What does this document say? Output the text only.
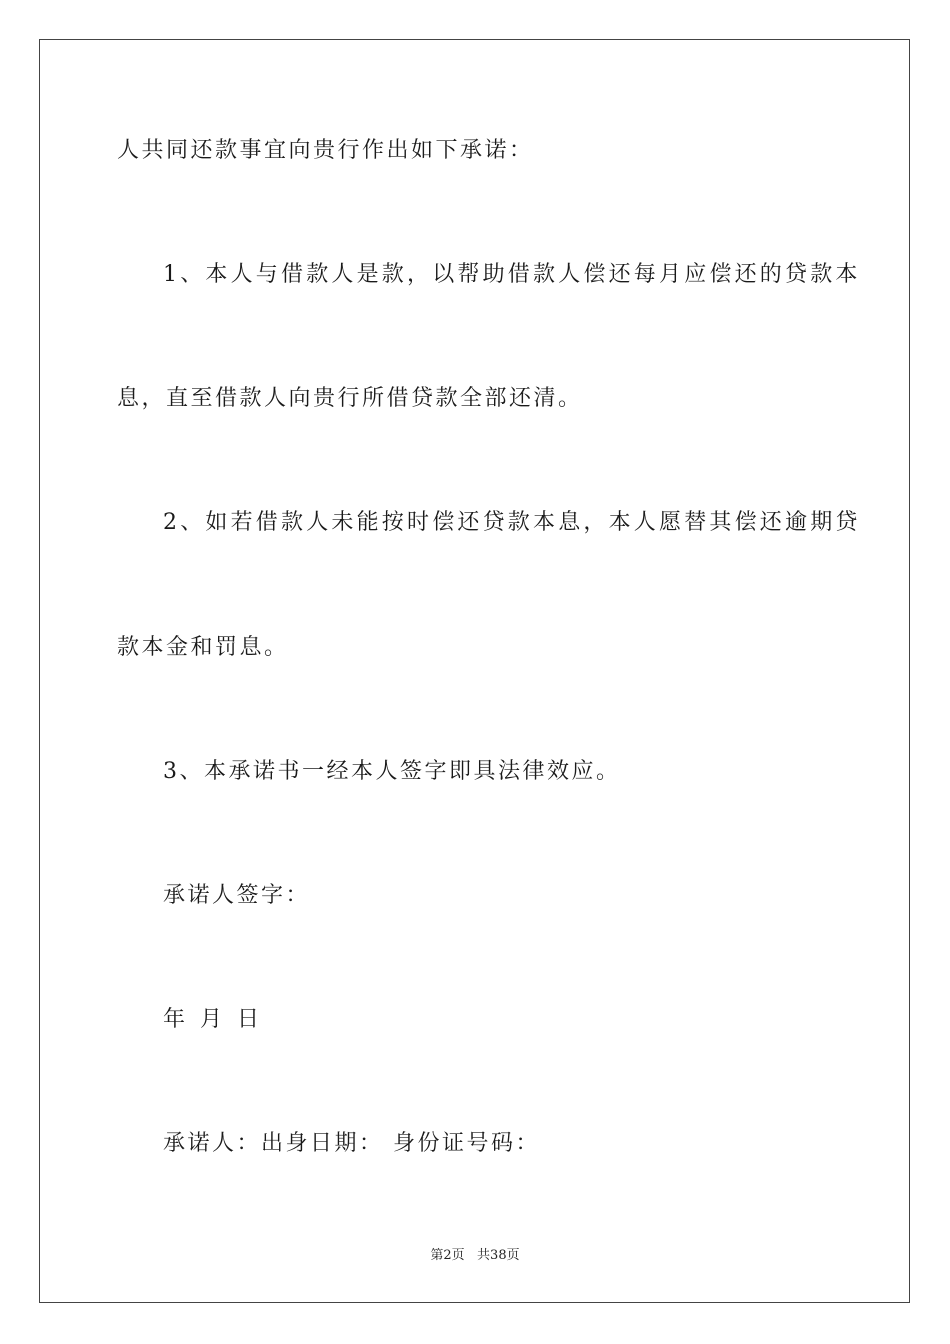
人共同还款事宜向贵行作出如下承诺：
1、本人与借款人是款，以帮助借款人偿还每月应偿还的贷款本
息，直至借款人向贵行所借贷款全部还清。
2、如若借款人未能按时偿还贷款本息，本人愿替其偿还逾期贷
款本金和罚息。
3、本承诺书一经本人签字即具法律效应。
承诺人签字：
年 月 日
承诺人：出身日期： 身份证号码：
第2页   共38页
